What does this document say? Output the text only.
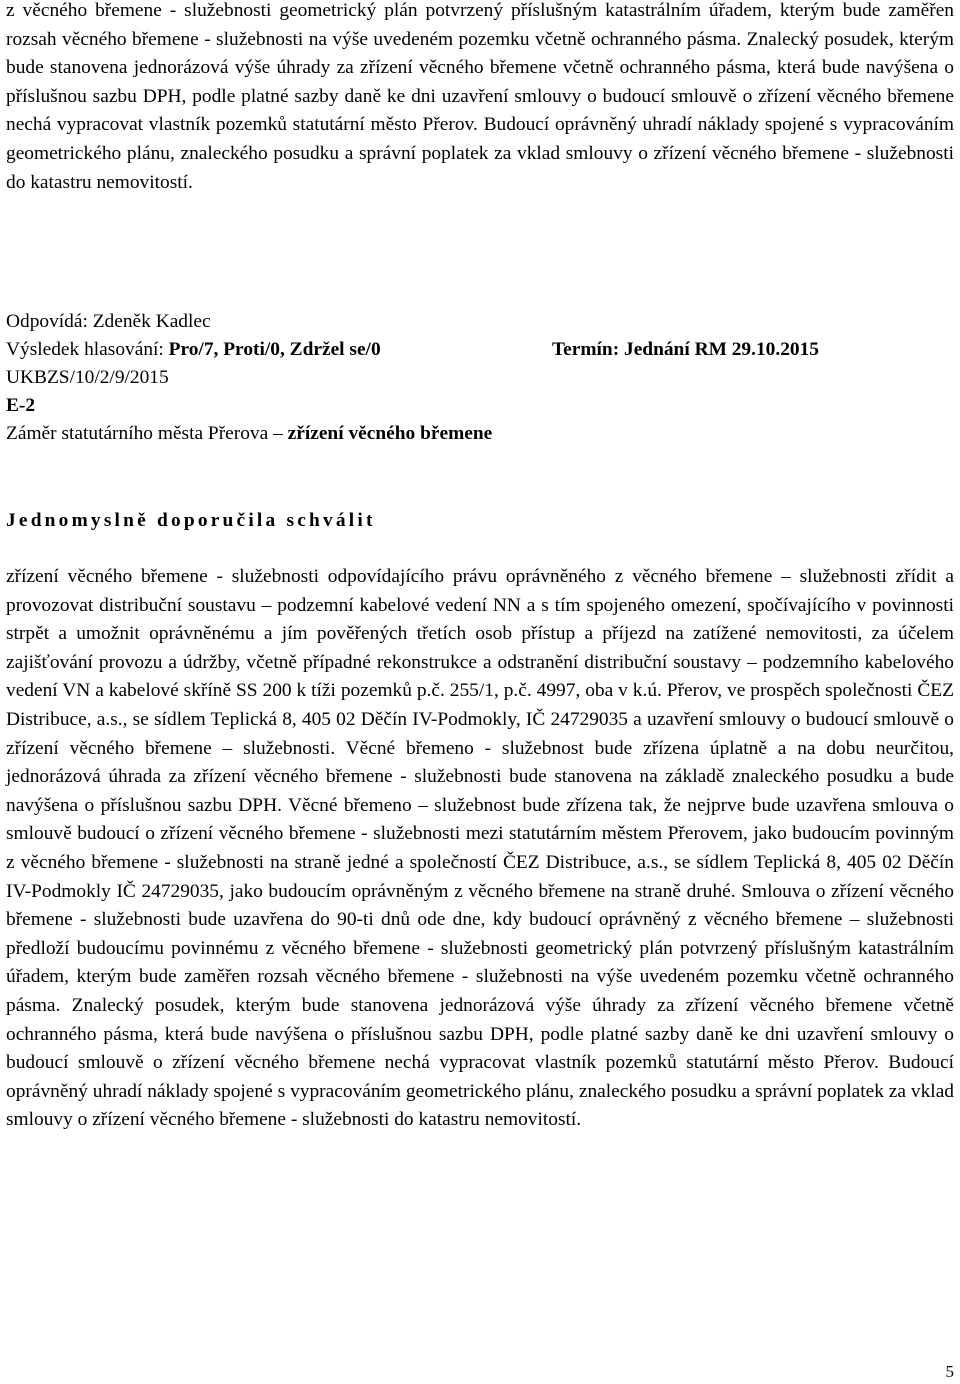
z věcného břemene - služebnosti geometrický plán potvrzený příslušným katastrálním úřadem, kterým bude zaměřen rozsah věcného břemene - služebnosti na výše uvedeném pozemku včetně ochranného pásma. Znalecký posudek, kterým bude stanovena jednorázová výše úhrady za zřízení věcného břemene včetně ochranného pásma, která bude navýšena o příslušnou sazbu DPH, podle platné sazby daně ke dni uzavření smlouvy o budoucí smlouvě o zřízení věcného břemene nechá vypracovat vlastník pozemků statutární město Přerov. Budoucí oprávněný uhradí náklady spojené s vypracováním geometrického plánu, znaleckého posudku a správní poplatek za vklad smlouvy o zřízení věcného břemene - služebnosti do katastru nemovitostí.

Odpovídá: Zdeněk Kadlec
Výsledek hlasování: Pro/7, Proti/0, Zdržel se/0	Termín: Jednání RM 29.10.2015
UKBZS/10/2/9/2015
E-2
Záměr statutárního města Přerova – zřízení věcného břemene
Jednomyslně doporučila schválit

zřízení věcného břemene - služebnosti odpovídajícího právu oprávněného z věcného břemene – služebnosti zřídit a provozovat distribuční soustavu – podzemní kabelové vedení NN a s tím spojeného omezení, spočívajícího v povinnosti strpět a umožnit oprávněnému a jím pověřených třetích osob přístup a příjezd na zatížené nemovitosti, za účelem zajišťování provozu a údržby, včetně případné rekonstrukce a odstranění distribuční soustavy – podzemního kabelového vedení VN a kabelové skříně SS 200 k tíži pozemků p.č. 255/1, p.č. 4997, oba v k.ú. Přerov, ve prospěch společnosti ČEZ Distribuce, a.s., se sídlem Teplická 8, 405 02 Děčín IV-Podmokly, IČ 24729035 a uzavření smlouvy o budoucí smlouvě o zřízení věcného břemene – služebnosti. Věcné břemeno - služebnost bude zřízena úplatně a na dobu neurčitou, jednorázová úhrada za zřízení věcného břemene - služebnosti bude stanovena na základě znaleckého posudku a bude navýšena o příslušnou sazbu DPH. Věcné břemeno – služebnost bude zřízena tak, že nejprve bude uzavřena smlouva o smlouvě budoucí o zřízení věcného břemene - služebnosti mezi statutárním městem Přerovem, jako budoucím povinným z věcného břemene - služebnosti na straně jedné a společností ČEZ Distribuce, a.s., se sídlem Teplická 8, 405 02 Děčín IV-Podmokly IČ 24729035, jako budoucím oprávněným z věcného břemene na straně druhé. Smlouva o zřízení věcného břemene - služebnosti bude uzavřena do 90-ti dnů ode dne, kdy budoucí oprávněný z věcného břemene – služebnosti předloží budoucímu povinnému z věcného břemene - služebnosti geometrický plán potvrzený příslušným katastrálním úřadem, kterým bude zaměřen rozsah věcného břemene - služebnosti na výše uvedeném pozemku včetně ochranného pásma. Znalecký posudek, kterým bude stanovena jednorázová výše úhrady za zřízení věcného břemene včetně ochranného pásma, která bude navýšena o příslušnou sazbu DPH, podle platné sazby daně ke dni uzavření smlouvy o budoucí smlouvě o zřízení věcného břemene nechá vypracovat vlastník pozemků statutární město Přerov. Budoucí oprávněný uhradí náklady spojené s vypracováním geometrického plánu, znaleckého posudku a správní poplatek za vklad smlouvy o zřízení věcného břemene - služebnosti do katastru nemovitostí.

5
